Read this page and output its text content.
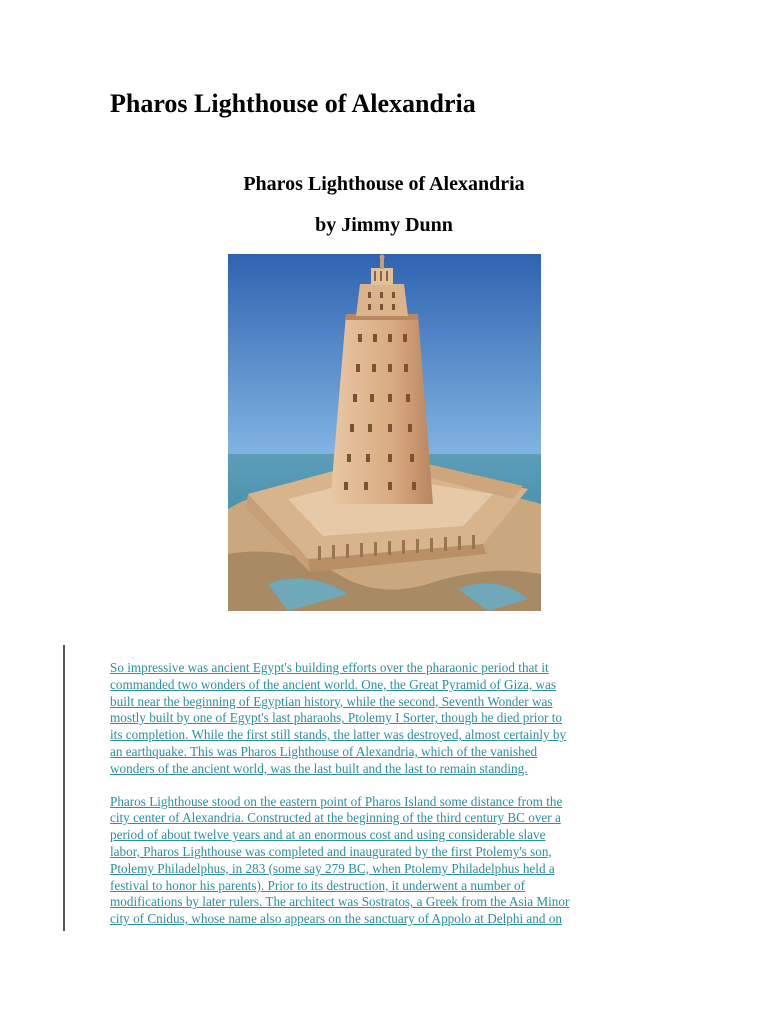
Pharos Lighthouse of Alexandria
Pharos Lighthouse of Alexandria
by Jimmy Dunn

So impressive was ancient Egypt's building efforts over the pharaonic period that it
commanded two wonders of the ancient world. One, the Great Pyramid of Giza, was
built near the beginning of Egyptian history, while the second, Seventh Wonder was
mostly built by one of Egypt's last pharaohs, Ptolemy I Sorter, though he died prior to
its completion. While the first still stands, the latter was destroyed, almost certainly by
an earthquake. This was Pharos Lighthouse of Alexandria, which of the vanished
wonders of the ancient world, was the last built and the last to remain standing.

Pharos Lighthouse stood on the eastern point of Pharos Island some distance from the
city center of Alexandria. Constructed at the beginning of the third century BC over a
period of about twelve years and at an enormous cost and using considerable slave
labor, Pharos Lighthouse was completed and inaugurated by the first Ptolemy's son,
Ptolemy Philadelphus, in 283 (some say 279 BC, when Ptolemy Philadelphus held a
festival to honor his parents). Prior to its destruction, it underwent a number of
modifications by later rulers. The architect was Sostratos, a Greek from the Asia Minor
city of Cnidus, whose name also appears on the sanctuary of Appolo at Delphi and on
